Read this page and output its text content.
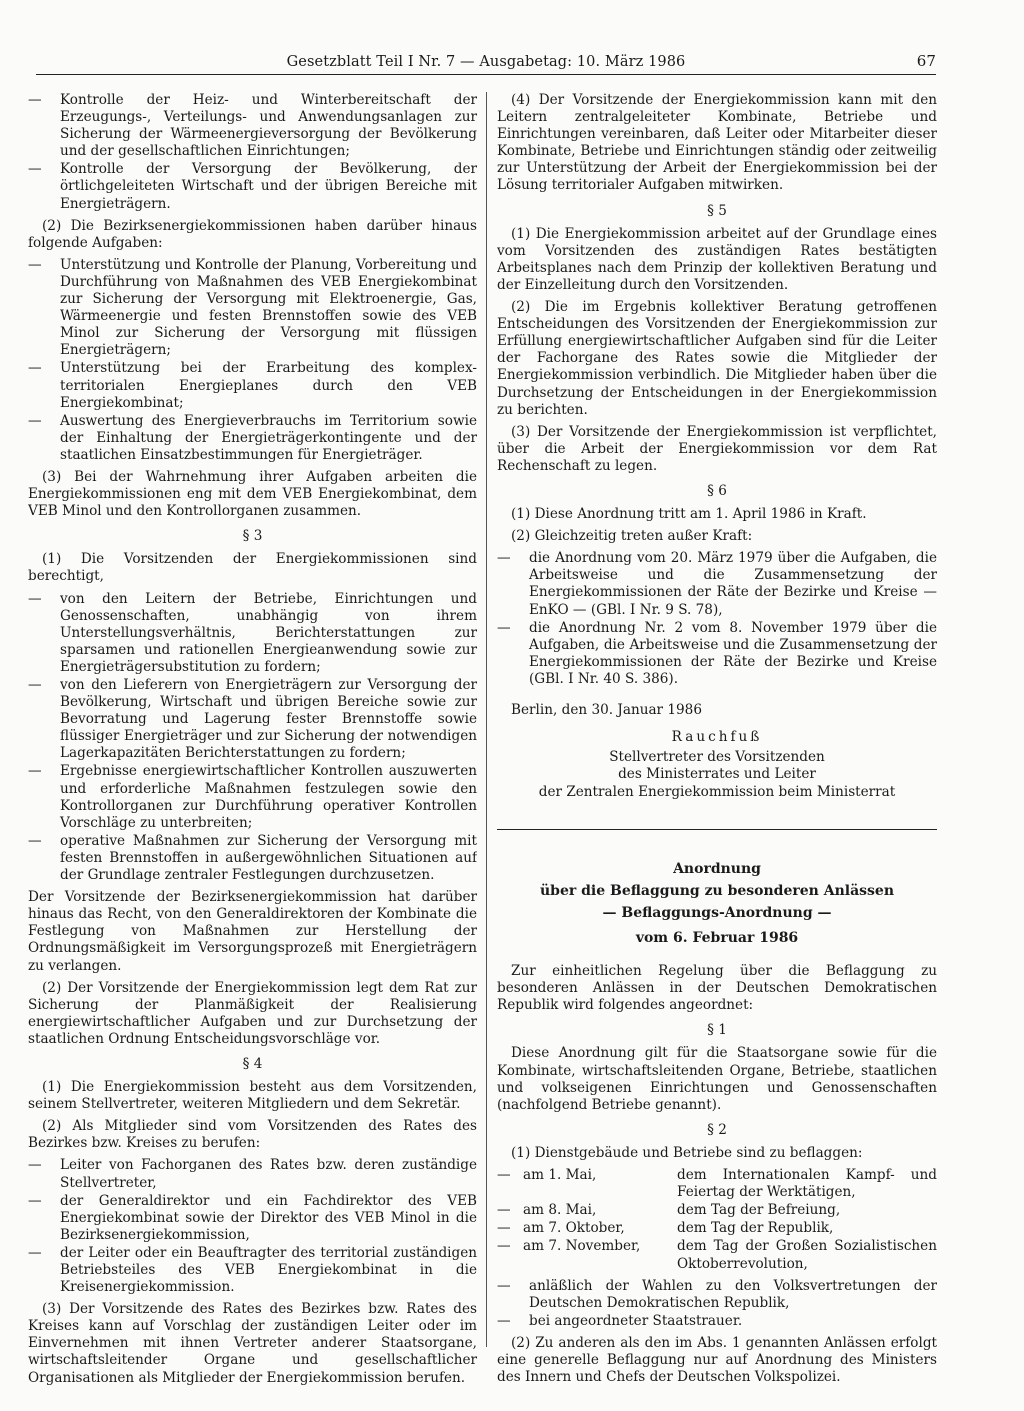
Gesetzblatt Teil I Nr. 7 — Ausgabetag: 10. März 1986	67
— Kontrolle der Heiz- und Winterbereitschaft der Erzeugungs-, Verteilungs- und Anwendungsanlagen zur Sicherung der Wärmeenergieversorgung der Bevölkerung und der gesellschaftlichen Einrichtungen;
— Kontrolle der Versorgung der Bevölkerung, der örtlichgeleiteten Wirtschaft und der übrigen Bereiche mit Energieträgern.

(2) Die Bezirksenergiekommissionen haben darüber hinaus folgende Aufgaben:

— Unterstützung und Kontrolle der Planung, Vorbereitung und Durchführung von Maßnahmen des VEB Energiekombinat zur Sicherung der Versorgung mit Elektroenergie, Gas, Wärmeenergie und festen Brennstoffen sowie des VEB Minol zur Sicherung der Versorgung mit flüssigen Energieträgern;
— Unterstützung bei der Erarbeitung des komplex-territorialen Energieplanes durch den VEB Energiekombinat;
— Auswertung des Energieverbrauchs im Territorium sowie der Einhaltung der Energieträgerkontingente und der staatlichen Einsatzbestimmungen für Energieträger.

(3) Bei der Wahrnehmung ihrer Aufgaben arbeiten die Energiekommissionen eng mit dem VEB Energiekombinat, dem VEB Minol und den Kontrollorganen zusammen.

§ 3

(1) Die Vorsitzenden der Energiekommissionen sind berechtigt,

— von den Leitern der Betriebe, Einrichtungen und Genossenschaften, unabhängig von ihrem Unterstellungsverhältnis, Berichterstattungen zur sparsamen und rationellen Energieanwendung sowie zur Energieträgersubstitution zu fordern;
— von den Lieferern von Energieträgern zur Versorgung der Bevölkerung, Wirtschaft und übrigen Bereiche sowie zur Bevorratung und Lagerung fester Brennstoffe sowie flüssiger Energieträger und zur Sicherung der notwendigen Lagerkapazitäten Berichterstattungen zu fordern;
— Ergebnisse energiewirtschaftlicher Kontrollen auszuwerten und erforderliche Maßnahmen festzulegen sowie den Kontrollorganen zur Durchführung operativer Kontrollen Vorschläge zu unterbreiten;
— operative Maßnahmen zur Sicherung der Versorgung mit festen Brennstoffen in außergewöhnlichen Situationen auf der Grundlage zentraler Festlegungen durchzusetzen.

Der Vorsitzende der Bezirksenergiekommission hat darüber hinaus das Recht, von den Generaldirektoren der Kombinate die Festlegung von Maßnahmen zur Herstellung der Ordnungsmäßigkeit im Versorgungsprozeß mit Energieträgern zu verlangen.

(2) Der Vorsitzende der Energiekommission legt dem Rat zur Sicherung der Planmäßigkeit der Realisierung energiewirtschaftlicher Aufgaben und zur Durchsetzung der staatlichen Ordnung Entscheidungsvorschläge vor.

§ 4

(1) Die Energiekommission besteht aus dem Vorsitzenden, seinem Stellvertreter, weiteren Mitgliedern und dem Sekretär.

(2) Als Mitglieder sind vom Vorsitzenden des Rates des Bezirkes bzw. Kreises zu berufen:

— Leiter von Fachorganen des Rates bzw. deren zuständige Stellvertreter,
— der Generaldirektor und ein Fachdirektor des VEB Energiekombinat sowie der Direktor des VEB Minol in die Bezirksenergiekommission,
— der Leiter oder ein Beauftragter des territorial zuständigen Betriebsteiles des VEB Energiekombinat in die Kreisenergiekommission.

(3) Der Vorsitzende des Rates des Bezirkes bzw. Rates des Kreises kann auf Vorschlag der zuständigen Leiter oder im Einvernehmen mit ihnen Vertreter anderer Staatsorgane, wirtschaftsleitender Organe und gesellschaftlicher Organisationen als Mitglieder der Energiekommission berufen.

(4) Der Vorsitzende der Energiekommission kann mit den Leitern zentralgeleiteter Kombinate, Betriebe und Einrichtungen vereinbaren, daß Leiter oder Mitarbeiter dieser Kombinate, Betriebe und Einrichtungen ständig oder zeitweilig zur Unterstützung der Arbeit der Energiekommission bei der Lösung territorialer Aufgaben mitwirken.

§ 5

(1) Die Energiekommission arbeitet auf der Grundlage eines vom Vorsitzenden des zuständigen Rates bestätigten Arbeitsplanes nach dem Prinzip der kollektiven Beratung und der Einzelleitung durch den Vorsitzenden.

(2) Die im Ergebnis kollektiver Beratung getroffenen Entscheidungen des Vorsitzenden der Energiekommission zur Erfüllung energiewirtschaftlicher Aufgaben sind für die Leiter der Fachorgane des Rates sowie die Mitglieder der Energiekommission verbindlich. Die Mitglieder haben über die Durchsetzung der Entscheidungen in der Energiekommission zu berichten.

(3) Der Vorsitzende der Energiekommission ist verpflichtet, über die Arbeit der Energiekommission vor dem Rat Rechenschaft zu legen.

§ 6

(1) Diese Anordnung tritt am 1. April 1986 in Kraft.

(2) Gleichzeitig treten außer Kraft:

— die Anordnung vom 20. März 1979 über die Aufgaben, die Arbeitsweise und die Zusammensetzung der Energiekommissionen der Räte der Bezirke und Kreise — EnKO — (GBl. I Nr. 9 S. 78),
— die Anordnung Nr. 2 vom 8. November 1979 über die Aufgaben, die Arbeitsweise und die Zusammensetzung der Energiekommissionen der Räte der Bezirke und Kreise (GBl. I Nr. 40 S. 386).

Berlin, den 30. Januar 1986

Rauchfuß
Stellvertreter des Vorsitzenden
des Ministerrates und Leiter
der Zentralen Energiekommission beim Ministerrat
Anordnung
über die Beflaggung zu besonderen Anlässen
— Beflaggungs-Anordnung —
vom 6. Februar 1986

Zur einheitlichen Regelung über die Beflaggung zu besonderen Anlässen in der Deutschen Demokratischen Republik wird folgendes angeordnet:

§ 1

Diese Anordnung gilt für die Staatsorgane sowie für die Kombinate, wirtschaftsleitenden Organe, Betriebe, staatlichen und volkseigenen Einrichtungen und Genossenschaften (nachfolgend Betriebe genannt).

§ 2

(1) Dienstgebäude und Betriebe sind zu beflaggen:

— am 1. Mai,	dem Internationalen Kampf- und Feiertag der Werktätigen,
— am 8. Mai,	dem Tag der Befreiung,
— am 7. Oktober,	dem Tag der Republik,
— am 7. November,	dem Tag der Großen Sozialistischen Oktoberrevolution,
— anläßlich der Wahlen zu den Volksvertretungen der Deutschen Demokratischen Republik,
— bei angeordneter Staatstrauer.

(2) Zu anderen als den im Abs. 1 genannten Anlässen erfolgt eine generelle Beflaggung nur auf Anordnung des Ministers des Innern und Chefs der Deutschen Volkspolizei.
